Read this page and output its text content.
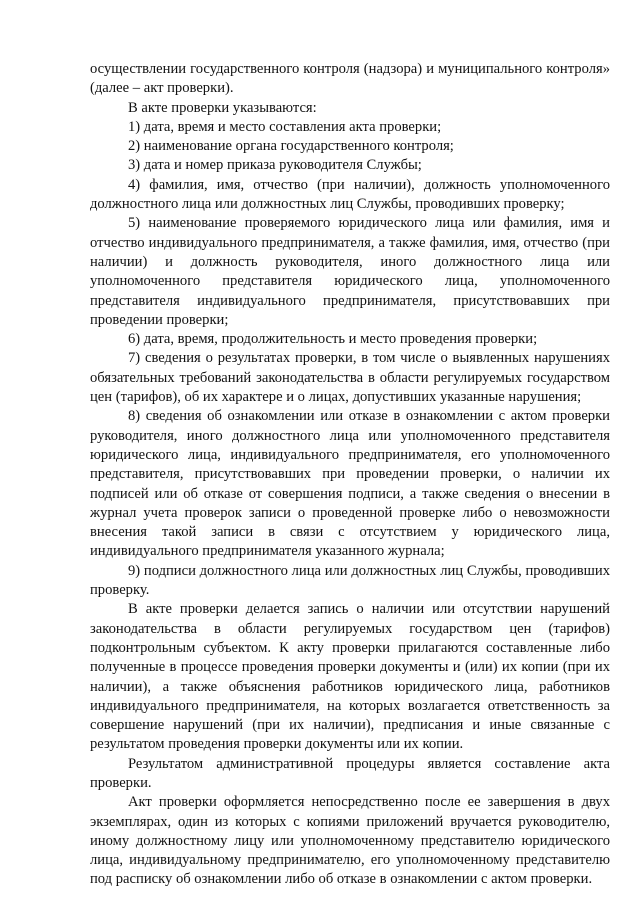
осуществлении государственного контроля (надзора) и муниципального контроля» (далее – акт проверки).

В акте проверки указываются:

1) дата, время и место составления акта проверки;

2) наименование органа государственного контроля;

3) дата и номер приказа руководителя Службы;

4) фамилия, имя, отчество (при наличии), должность уполномоченного должностного лица или должностных лиц Службы, проводивших проверку;

5) наименование проверяемого юридического лица или фамилия, имя и отчество индивидуального предпринимателя, а также фамилия, имя, отчество (при наличии) и должность руководителя, иного должностного лица или уполномоченного представителя юридического лица, уполномоченного представителя индивидуального предпринимателя, присутствовавших при проведении проверки;

6) дата, время, продолжительность и место проведения проверки;

7) сведения о результатах проверки, в том числе о выявленных нарушениях обязательных требований законодательства в области регулируемых государством цен (тарифов), об их характере и о лицах, допустивших указанные нарушения;

8) сведения об ознакомлении или отказе в ознакомлении с актом проверки руководителя, иного должностного лица или уполномоченного представителя юридического лица, индивидуального предпринимателя, его уполномоченного представителя, присутствовавших при проведении проверки, о наличии их подписей или об отказе от совершения подписи, а также сведения о внесении в журнал учета проверок записи о проведенной проверке либо о невозможности внесения такой записи в связи с отсутствием у юридического лица, индивидуального предпринимателя указанного журнала;

9) подписи должностного лица или должностных лиц Службы, проводивших проверку.

В акте проверки делается запись о наличии или отсутствии нарушений законодательства в области регулируемых государством цен (тарифов) подконтрольным субъектом. К акту проверки прилагаются составленные либо полученные в процессе проведения проверки документы и (или) их копии (при их наличии), а также объяснения работников юридического лица, работников индивидуального предпринимателя, на которых возлагается ответственность за совершение нарушений (при их наличии), предписания и иные связанные с результатом проведения проверки документы или их копии.

Результатом административной процедуры является составление акта проверки.

Акт проверки оформляется непосредственно после ее завершения в двух экземплярах, один из которых с копиями приложений вручается руководителю, иному должностному лицу или уполномоченному представителю юридического лица, индивидуальному предпринимателю, его уполномоченному представителю под расписку об ознакомлении либо об отказе в ознакомлении с актом проверки.
